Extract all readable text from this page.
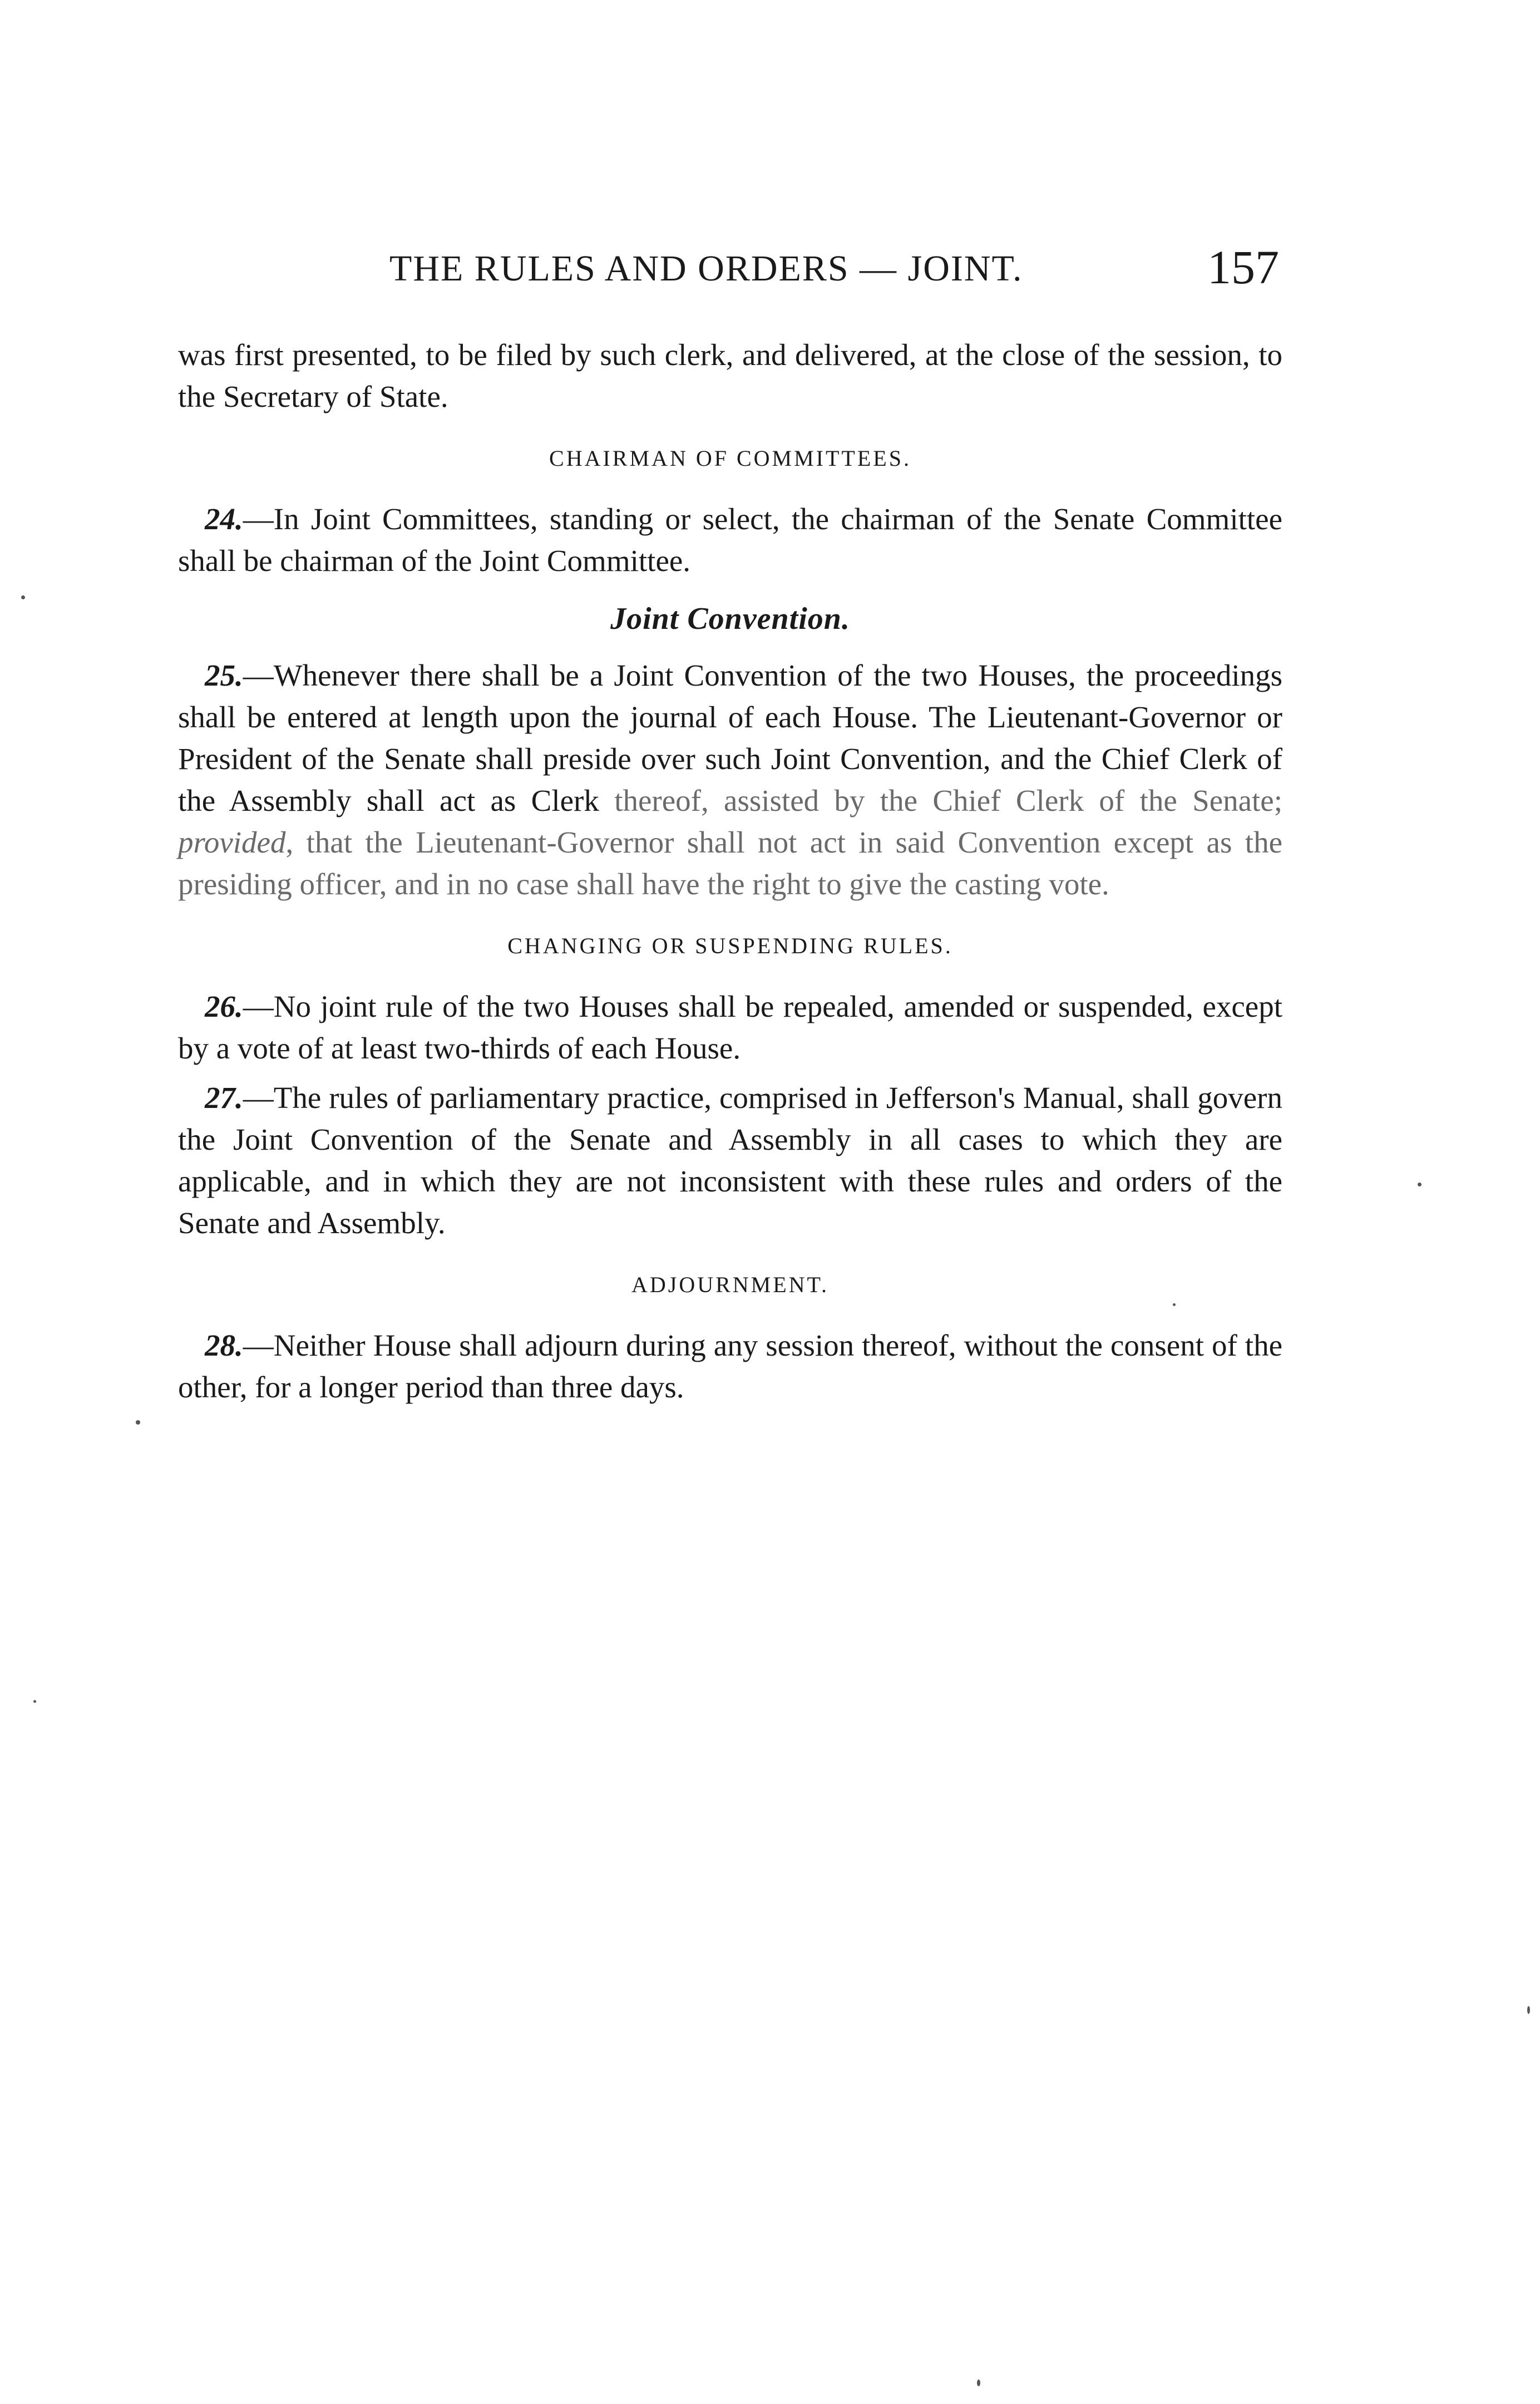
THE RULES AND ORDERS — JOINT.	157

was first presented, to be filed by such clerk, and delivered, at the close of the session, to the Secretary of State.

CHAIRMAN OF COMMITTEES.

24.—In Joint Committees, standing or select, the chairman of the Senate Committee shall be chairman of the Joint Committee.

Joint Convention.

25.—Whenever there shall be a Joint Convention of the two Houses, the proceedings shall be entered at length upon the journal of each House. The Lieutenant-Governor or President of the Senate shall preside over such Joint Convention, and the Chief Clerk of the Assembly shall act as Clerk thereof, assisted by the Chief Clerk of the Senate; provided, that the Lieutenant-Governor shall not act in said Convention except as the presiding officer, and in no case shall have the right to give the casting vote.

CHANGING OR SUSPENDING RULES.

26.—No joint rule of the two Houses shall be repealed, amended or suspended, except by a vote of at least two-thirds of each House.

27.—The rules of parliamentary practice, comprised in Jefferson's Manual, shall govern the Joint Convention of the Senate and Assembly in all cases to which they are applicable, and in which they are not inconsistent with these rules and orders of the Senate and Assembly.

ADJOURNMENT.

28.—Neither House shall adjourn during any session thereof, without the consent of the other, for a longer period than three days.
